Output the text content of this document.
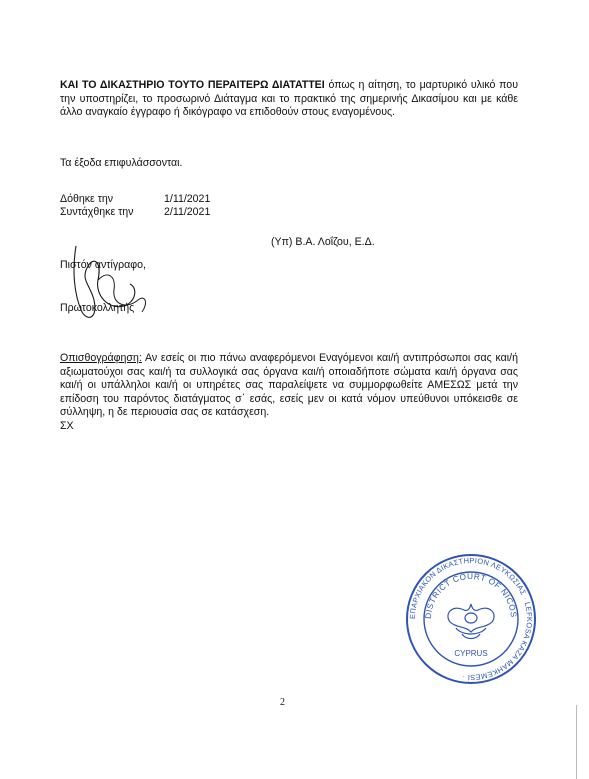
ΚΑΙ ΤΟ ΔΙΚΑΣΤΗΡΙΟ ΤΟΥΤΟ ΠΕΡΑΙΤΕΡΩ ΔΙΑΤΑΤΤΕΙ όπως η αίτηση, το μαρτυρικό υλικό που την υποστηρίζει, το προσωρινό Διάταγμα και το πρακτικό της σημερινής Δικασίμου και με κάθε άλλο αναγκαίο έγγραφο ή δικόγραφο να επιδοθούν στους εναγομένους.
Τα έξοδα επιφυλάσσονται.
Δόθηκε την	1/11/2021
Συντάχθηκε την	2/11/2021
(Υπ) Β.Α. Λοΐζου, Ε.Δ.
Πιστόν αντίγραφο,
Πρωτοκολλητής
Οπισθογράφηση: Αν εσείς οι πιο πάνω αναφερόμενοι Εναγόμενοι και/ή αντιπρόσωποι σας και/ή αξιωματούχοι σας και/ή τα συλλογικά σας όργανα και/ή οποιαδήποτε σώματα και/ή όργανα σας και/ή οι υπάλληλοι και/ή οι υπηρέτες σας παραλείψετε να συμμορφωθείτε ΑΜΕΣΩΣ μετά την επίδοση του παρόντος διατάγματος σ΄ εσάς, εσείς μεν οι κατά νόμον υπεύθυνοι υπόκεισθε σε σύλληψη, η δε περιουσία σας σε κατάσχεση.
ΣΧ
ΕΠΑΡΧΙΑΚΟΝ ΔΙΚΑΣΤΗΡΙΟΝ ΛΕΥΚΩΣΙΑΣ · LEFKOSA KAZA MAHKEMESİ ·
DISTRICT COURT OF NICOS
CYPRUS
2
